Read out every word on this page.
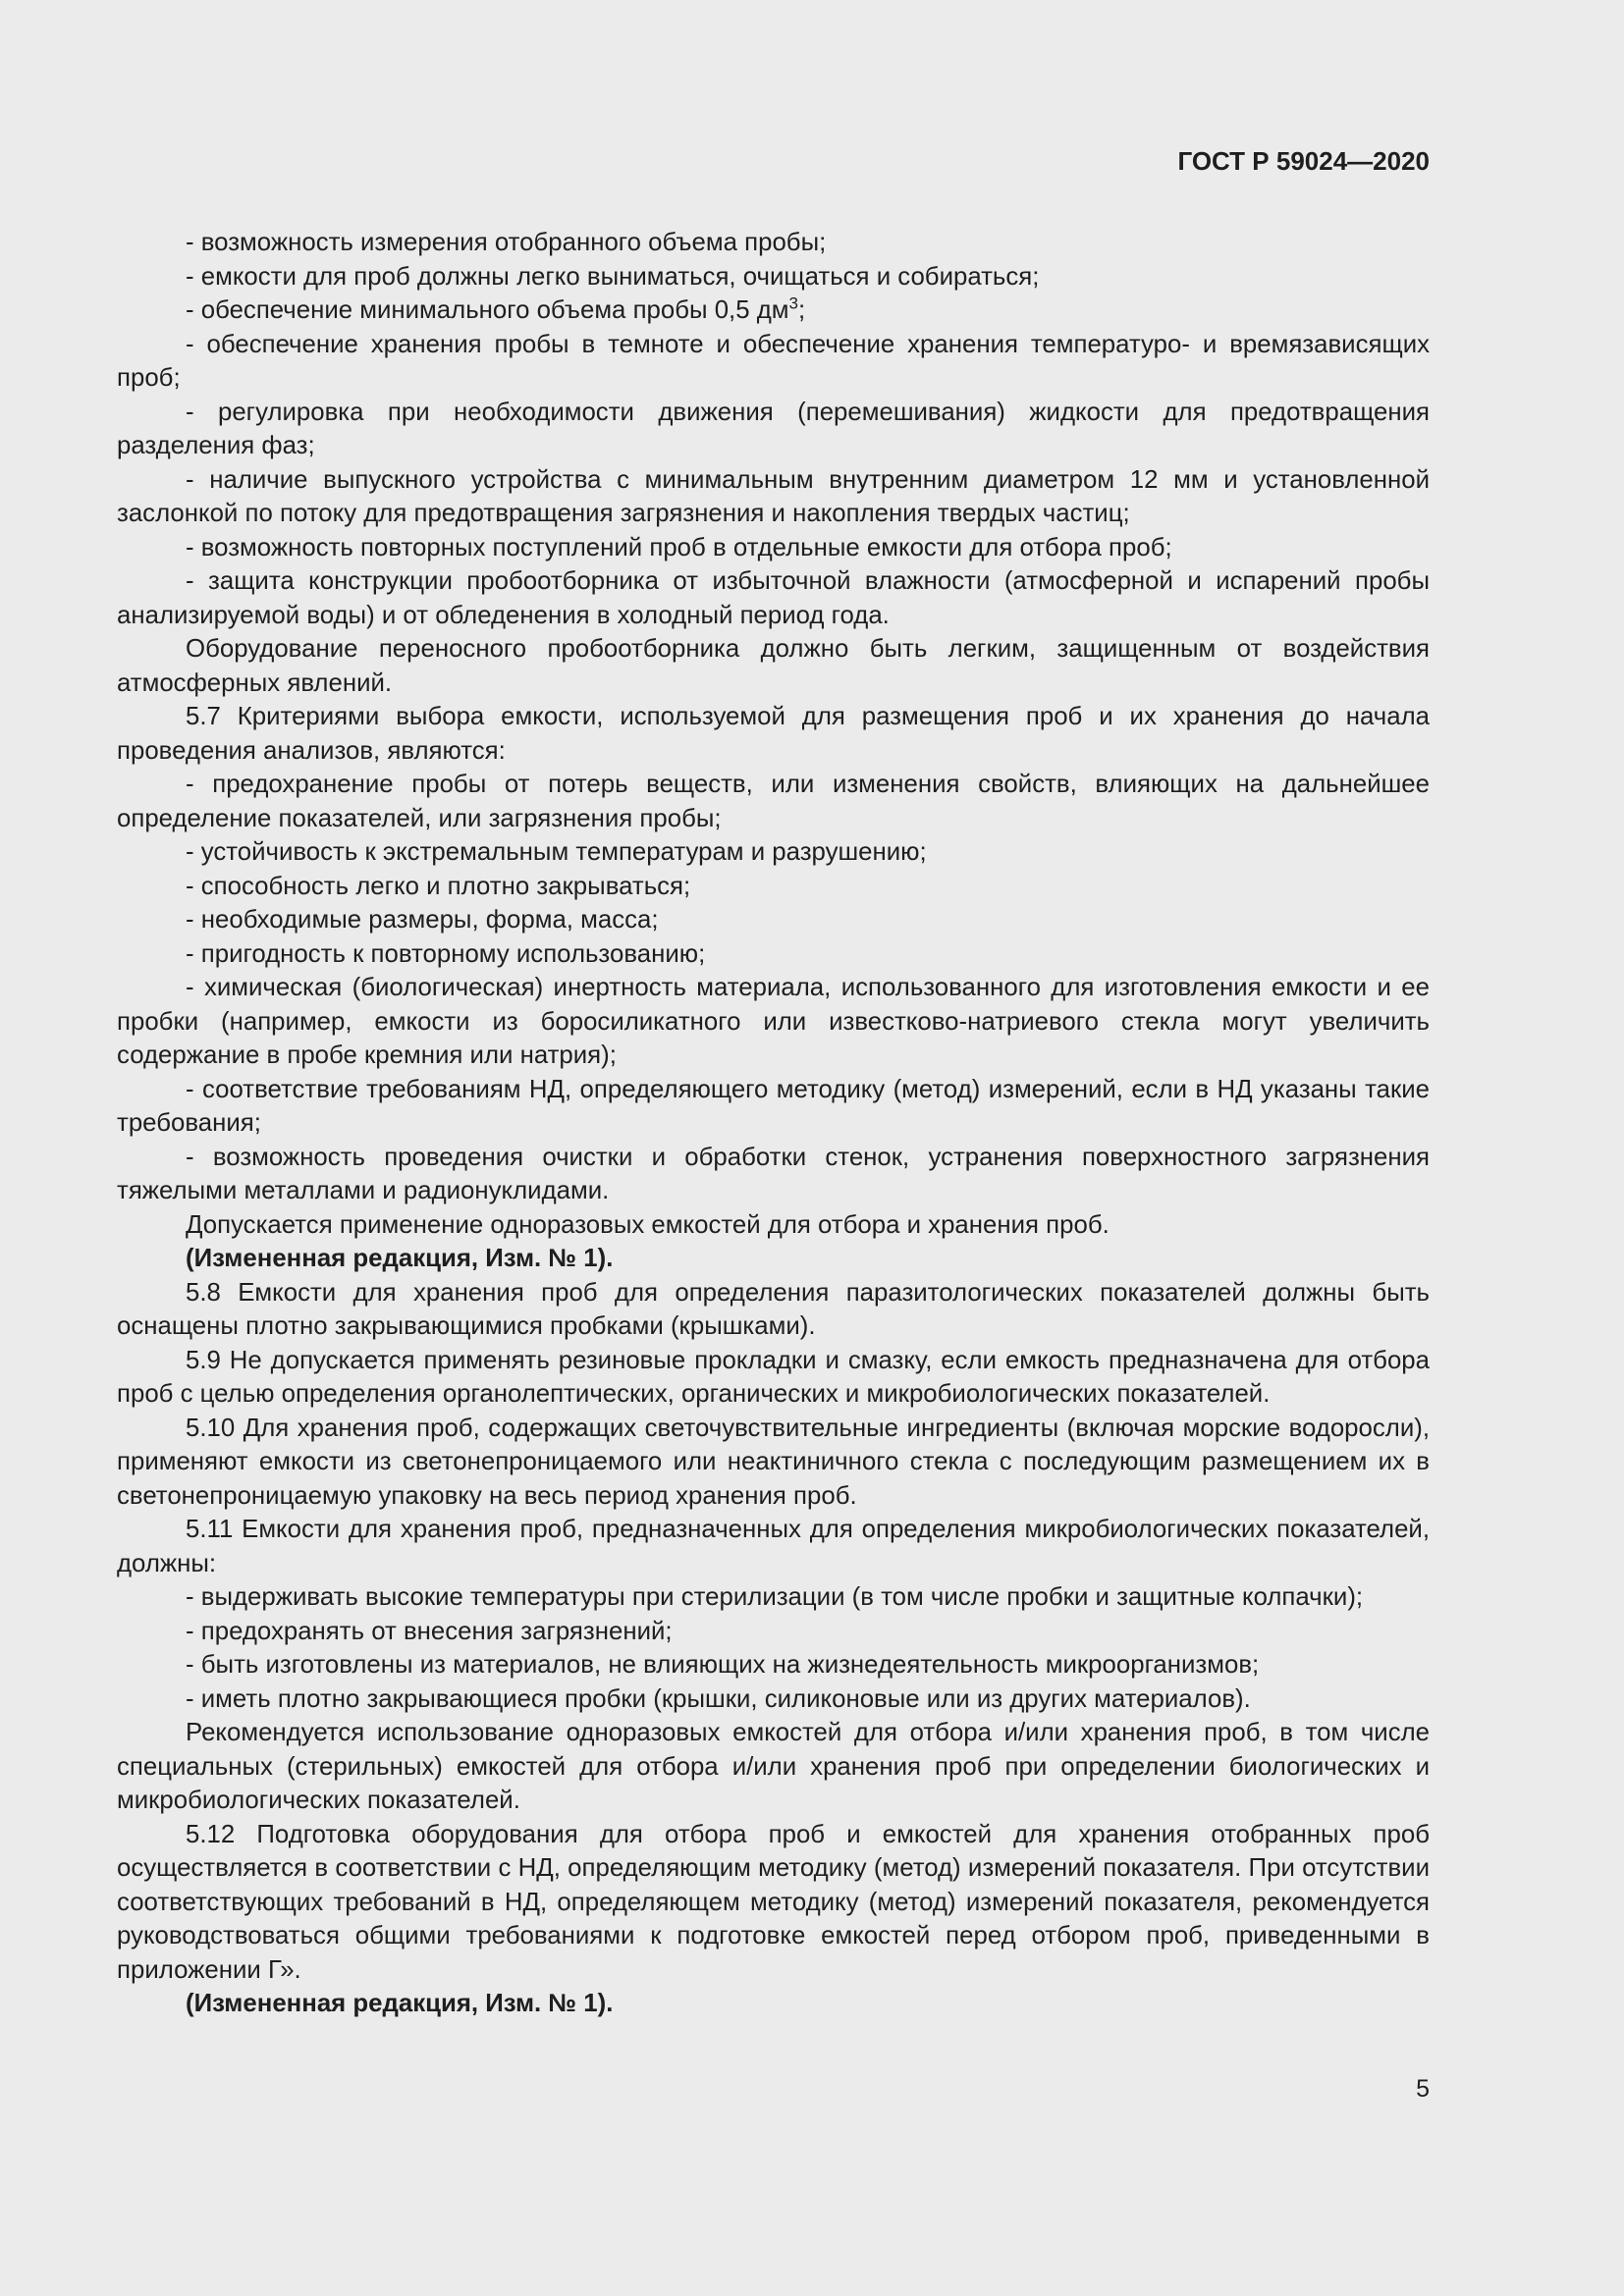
ГОСТ Р 59024—2020

- возможность измерения отобранного объема пробы;

- емкости для проб должны легко выниматься, очищаться и собираться;

- обеспечение минимального объема пробы 0,5 $дм^3$;

- обеспечение хранения пробы в темноте и обеспечение хранения температуро- и времязависящих проб;

- регулировка при необходимости движения (перемешивания) жидкости для предотвращения разделения фаз;

- наличие выпускного устройства с минимальным внутренним диаметром 12 мм и установленной заслонкой по потоку для предотвращения загрязнения и накопления твердых частиц;

- возможность повторных поступлений проб в отдельные емкости для отбора проб;

- защита конструкции пробоотборника от избыточной влажности (атмосферной и испарений пробы анализируемой воды) и от обледенения в холодный период года.

Оборудование переносного пробоотборника должно быть легким, защищенным от воздействия атмосферных явлений.

5.7 Критериями выбора емкости, используемой для размещения проб и их хранения до начала проведения анализов, являются:

- предохранение пробы от потерь веществ, или изменения свойств, влияющих на дальнейшее определение показателей, или загрязнения пробы;

- устойчивость к экстремальным температурам и разрушению;

- способность легко и плотно закрываться;

- необходимые размеры, форма, масса;

- пригодность к повторному использованию;

- химическая (биологическая) инертность материала, использованного для изготовления емкости и ее пробки (например, емкости из боросиликатного или известково-натриевого стекла могут увеличить содержание в пробе кремния или натрия);

- соответствие требованиям НД, определяющего методику (метод) измерений, если в НД указаны такие требования;

- возможность проведения очистки и обработки стенок, устранения поверхностного загрязнения тяжелыми металлами и радионуклидами.

Допускается применение одноразовых емкостей для отбора и хранения проб.

(Измененная редакция, Изм. № 1).

5.8 Емкости для хранения проб для определения паразитологических показателей должны быть оснащены плотно закрывающимися пробками (крышками).

5.9 Не допускается применять резиновые прокладки и смазку, если емкость предназначена для отбора проб с целью определения органолептических, органических и микробиологических показателей.

5.10 Для хранения проб, содержащих светочувствительные ингредиенты (включая морские водоросли), применяют емкости из светонепроницаемого или неактиничного стекла с последующим размещением их в светонепроницаемую упаковку на весь период хранения проб.

5.11 Емкости для хранения проб, предназначенных для определения микробиологических показателей, должны:

- выдерживать высокие температуры при стерилизации (в том числе пробки и защитные колпачки);

- предохранять от внесения загрязнений;

- быть изготовлены из материалов, не влияющих на жизнедеятельность микроорганизмов;

- иметь плотно закрывающиеся пробки (крышки, силиконовые или из других материалов).

Рекомендуется использование одноразовых емкостей для отбора и/или хранения проб, в том числе специальных (стерильных) емкостей для отбора и/или хранения проб при определении биологических и микробиологических показателей.

5.12 Подготовка оборудования для отбора проб и емкостей для хранения отобранных проб осуществляется в соответствии с НД, определяющим методику (метод) измерений показателя. При отсутствии соответствующих требований в НД, определяющем методику (метод) измерений показателя, рекомендуется руководствоваться общими требованиями к подготовке емкостей перед отбором проб, приведенными в приложении Г».

(Измененная редакция, Изм. № 1).

5
